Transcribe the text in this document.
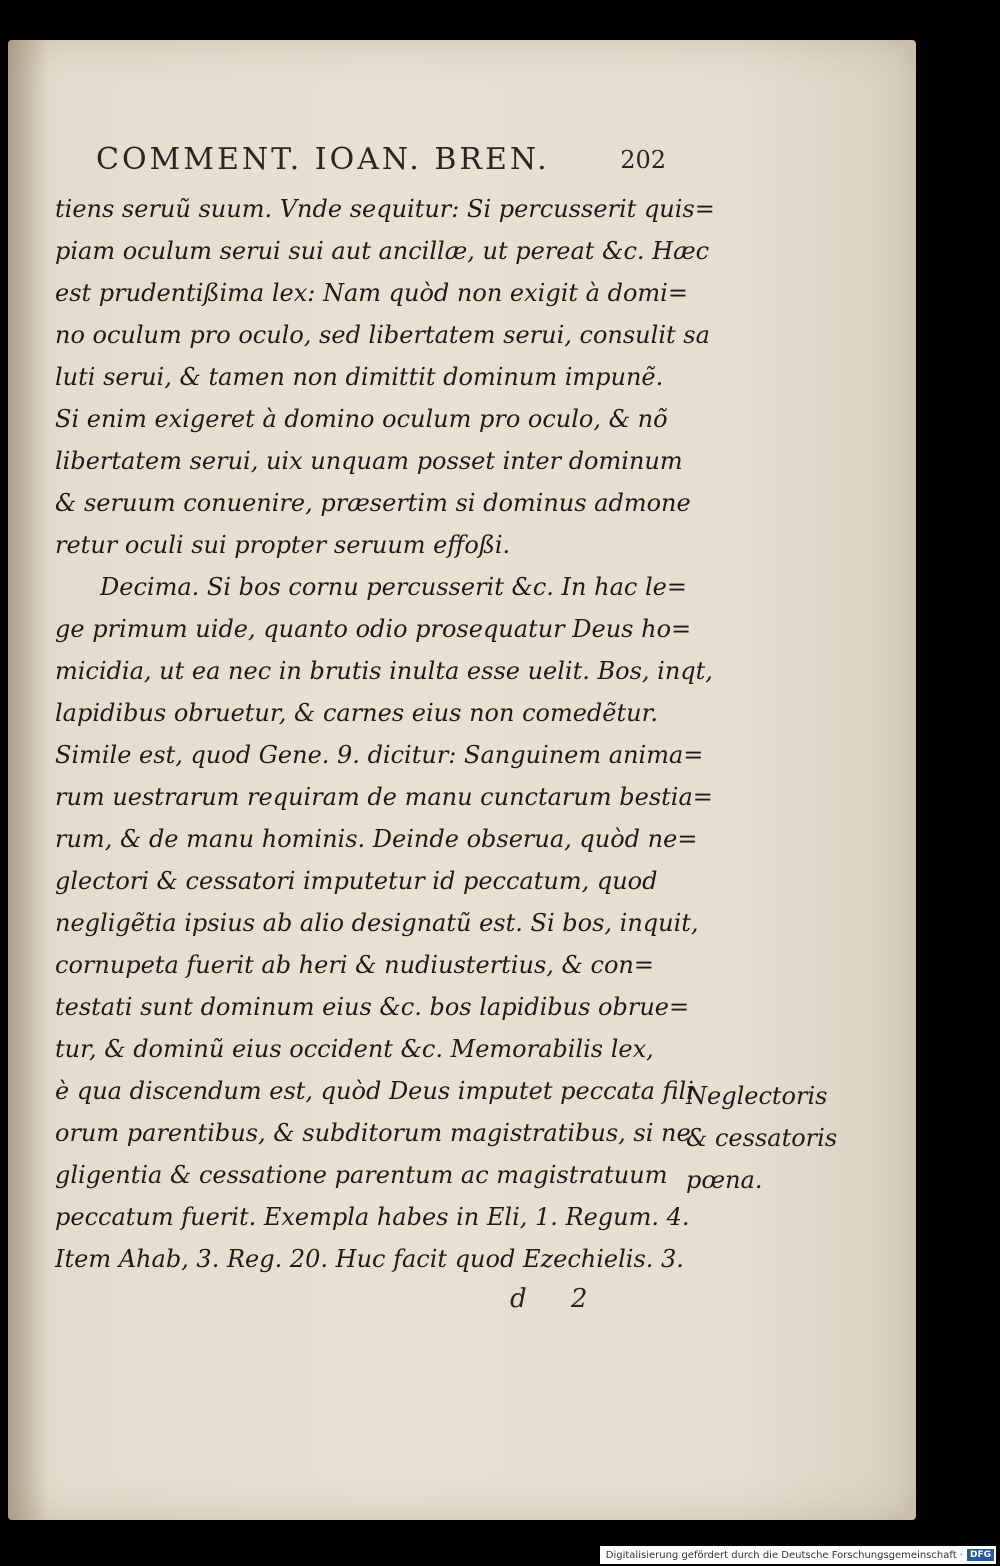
COMMENT. IOAN. BREN.	202
tiens seruũ suum. Vnde sequitur: Si percusserit quis=
piam oculum serui sui aut ancillæ, ut pereat &c. Hæc
est prudentißima lex: Nam quòd non exigit à domi=
no oculum pro oculo, sed libertatem serui, consulit sa
luti serui, & tamen non dimittit dominum impunẽ.
Si enim exigeret à domino oculum pro oculo, & nõ
libertatem serui, uix unquam posset inter dominum
& seruum conuenire, præsertim si dominus admone
retur oculi sui propter seruum effoßi.
Decima. Si bos cornu percusserit &c. In hac le=
ge primum uide, quanto odio prosequatur Deus ho=
micidia, ut ea nec in brutis inulta esse uelit. Bos, inqt,
lapidibus obruetur, & carnes eius non comedẽtur.
Simile est, quod Gene. 9. dicitur: Sanguinem anima=
rum uestrarum requiram de manu cunctarum bestia=
rum, & de manu hominis. Deinde obserua, quòd ne=
glectori & cessatori imputetur id peccatum, quod
negligẽtia ipsius ab alio designatũ est. Si bos, inquit,
cornupeta fuerit ab heri & nudiustertius, & con=
testati sunt dominum eius &c. bos lapidibus obrue=
tur, & dominũ eius occident &c. Memorabilis lex,
è qua discendum est, quòd Deus imputet peccata fili
orum parentibus, & subditorum magistratibus, si ne
gligentia & cessatione parentum ac magistratuum
peccatum fuerit. Exempla habes in Eli, 1. Regum. 4.
Item Ahab, 3. Reg. 20. Huc facit quod Ezechielis. 3.
Neglectoris
& cessatoris
pœna.
d 2
Digitalisierung gefördert durch die Deutsche Forschungsgemeinschaft · DFG
